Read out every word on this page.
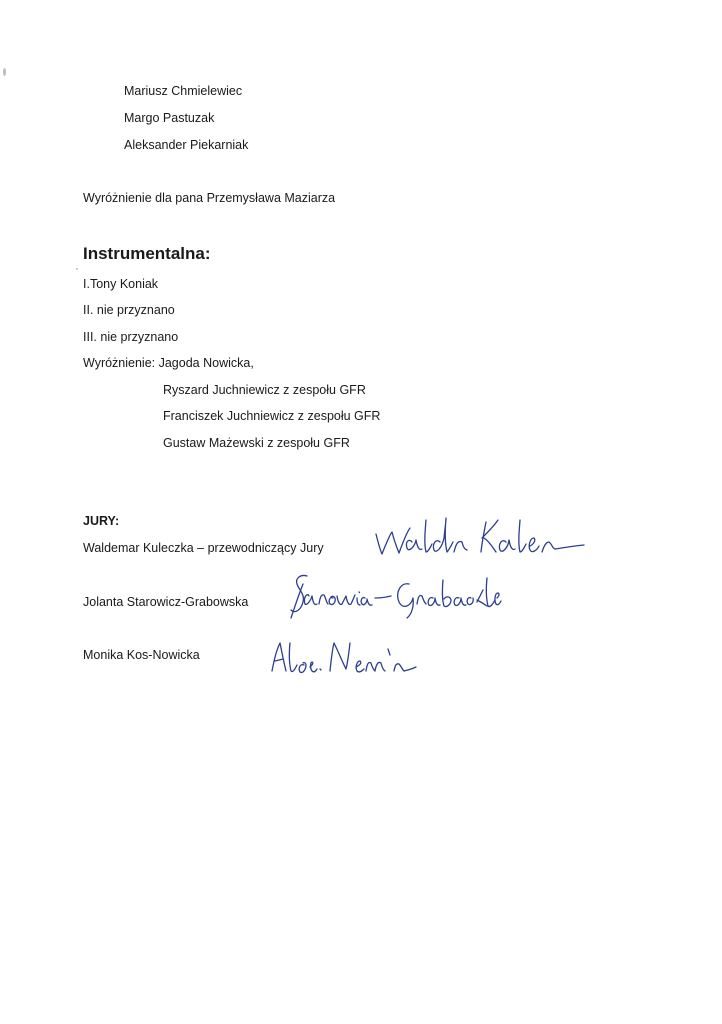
Mariusz Chmielewiec
Margo Pastuzak
Aleksander Piekarniak
Wyróżnienie dla pana Przemysława Maziarza
Instrumentalna:
I.Tony Koniak
II. nie przyznano
III. nie przyznano
Wyróżnienie: Jagoda Nowicka,
Ryszard Juchniewicz z zespołu GFR
Franciszek Juchniewicz z zespołu GFR
Gustaw Mażewski z zespołu GFR
JURY:
Waldemar Kuleczka – przewodniczący Jury
Jolanta Starowicz-Grabowska
Monika Kos-Nowicka
